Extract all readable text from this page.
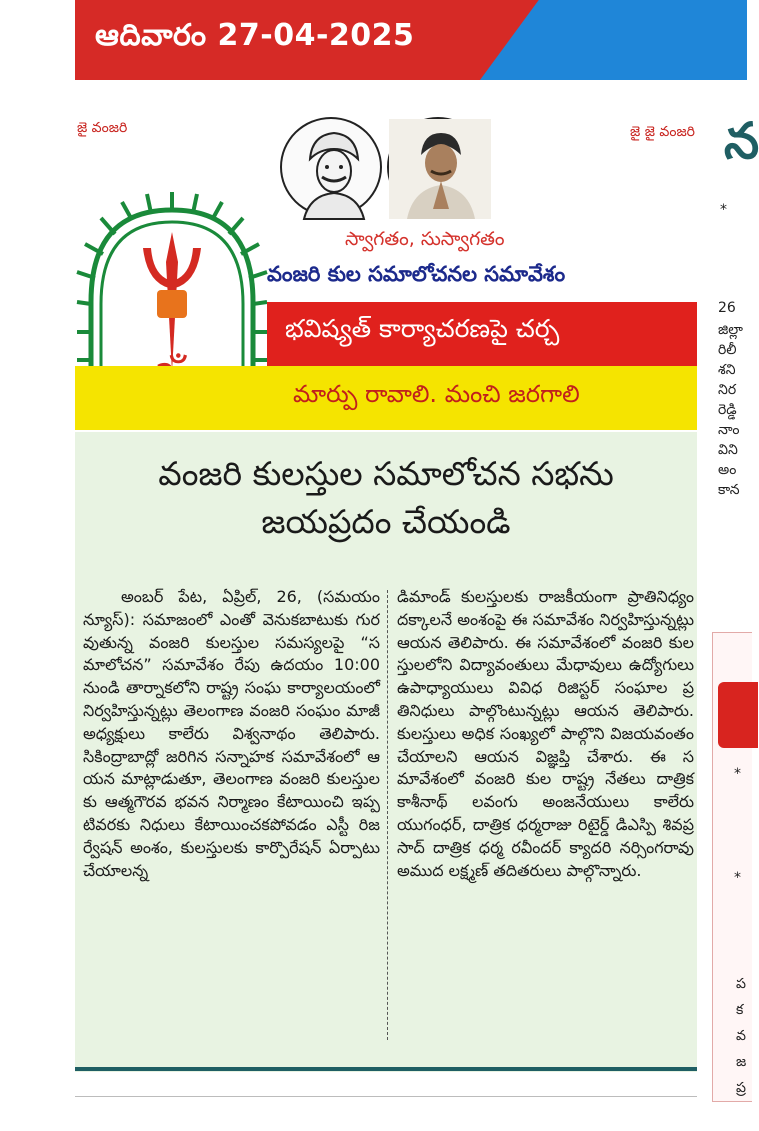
ఆదివారం 27-04-2025
జై వంజరి	జై జై వంజరి
స్వాగతం, సుస్వాగతం
వంజరి కుల సమాలోచనల సమావేశం
భవిష్యత్ కార్యాచరణపై చర్చ
మార్పు రావాలి. మంచి జరగాలి
వంజరి కులస్తుల సమాలోచన సభను
జయప్రదం చేయండి
అంబర్ పేట, ఏప్రిల్, 26, (సమయం న్యూస్): సమాజంలో ఎంతో వెనుకబాటుకు గురవుతున్న వంజరి కులస్తుల సమస్యలపై “సమాలోచన” సమావేశం రేపు ఉదయం 10:00 నుండి తార్నాకలోని రాష్ట్ర సంఘ కార్యాలయంలో నిర్వహిస్తున్నట్లు తెలంగాణ వంజరి సంఘం మాజీ అధ్యక్షులు కాలేరు విశ్వనాథం తెలిపారు. సికింద్రాబాద్లో జరిగిన సన్నాహక సమావేశంలో ఆయన మాట్లాడుతూ, తెలంగాణ వంజరి కులస్తులకు ఆత్మగౌరవ భవన నిర్మాణం కేటాయించి ఇప్పటివరకు నిధులు కేటాయించకపోవడం ఎస్టీ రిజర్వేషన్ అంశం, కులస్తులకు కార్పొరేషన్ ఏర్పాటు చేయాలన్న
డిమాండ్ కులస్తులకు రాజకీయంగా ప్రాతినిధ్యం దక్కాలనే అంశంపై ఈ సమావేశం నిర్వహిస్తున్నట్లు ఆయన తెలిపారు. ఈ సమావేశంలో వంజరి కులస్తులలోని విద్యావంతులు మేధావులు ఉద్యోగులు ఉపాధ్యాయులు వివిధ రిజిస్టర్ సంఘాల ప్రతినిధులు పాల్గొంటున్నట్లు ఆయన తెలిపారు. కులస్తులు అధిక సంఖ్యలో పాల్గొని విజయవంతం చేయాలని ఆయన విజ్ఞప్తి చేశారు. ఈ సమావేశంలో వంజరి కుల రాష్ట్ర నేతలు దాత్రిక కాశీనాథ్ లవంగు అంజనేయులు కాలేరు యుగంధర్, దాత్రిక ధర్మరాజు రిటైర్డ్ డిఎస్పి శివప్రసాద్ దాత్రిక ధర్మ రవీందర్ క్యాదరి నర్సింగరావు అముద లక్ష్మణ్ తదితరులు పాల్గొన్నారు.
న
*
26
జిల్లా
రిలీ
శని
నిర
రెడ్డి
నాం
విని
అం
కాన
*
*
ప
క
వ
జ
ప్ర
